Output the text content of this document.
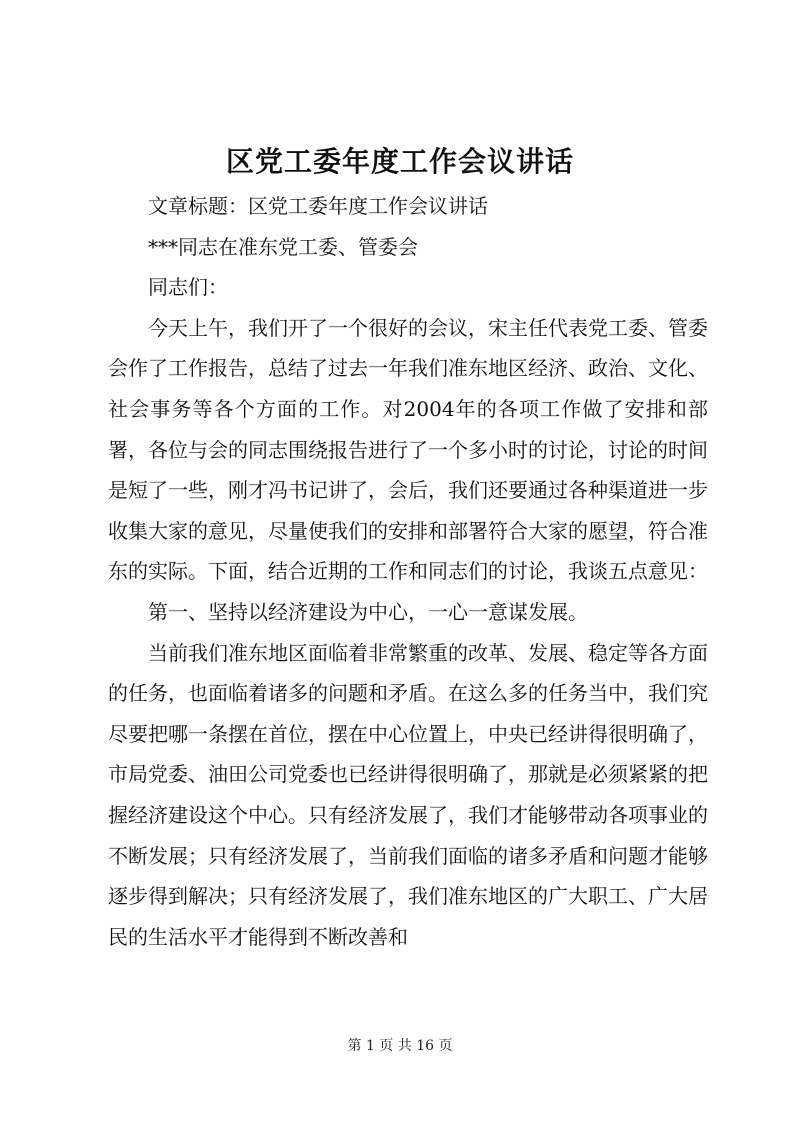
区党工委年度工作会议讲话

文章标题：区党工委年度工作会议讲话

***同志在准东党工委、管委会

同志们：

今天上午，我们开了一个很好的会议，宋主任代表党工委、管委会作了工作报告，总结了过去一年我们准东地区经济、政治、文化、社会事务等各个方面的工作。对2004年的各项工作做了安排和部署，各位与会的同志围绕报告进行了一个多小时的讨论，讨论的时间是短了一些，刚才冯书记讲了，会后，我们还要通过各种渠道进一步收集大家的意见，尽量使我们的安排和部署符合大家的愿望，符合准东的实际。下面，结合近期的工作和同志们的讨论，我谈五点意见：

第一、坚持以经济建设为中心，一心一意谋发展。

当前我们准东地区面临着非常繁重的改革、发展、稳定等各方面的任务，也面临着诸多的问题和矛盾。在这么多的任务当中，我们究尽要把哪一条摆在首位，摆在中心位置上，中央已经讲得很明确了，市局党委、油田公司党委也已经讲得很明确了，那就是必须紧紧的把握经济建设这个中心。只有经济发展了，我们才能够带动各项事业的不断发展；只有经济发展了，当前我们面临的诸多矛盾和问题才能够逐步得到解决；只有经济发展了，我们准东地区的广大职工、广大居民的生活水平才能得到不断改善和

第 1 页 共 16 页
